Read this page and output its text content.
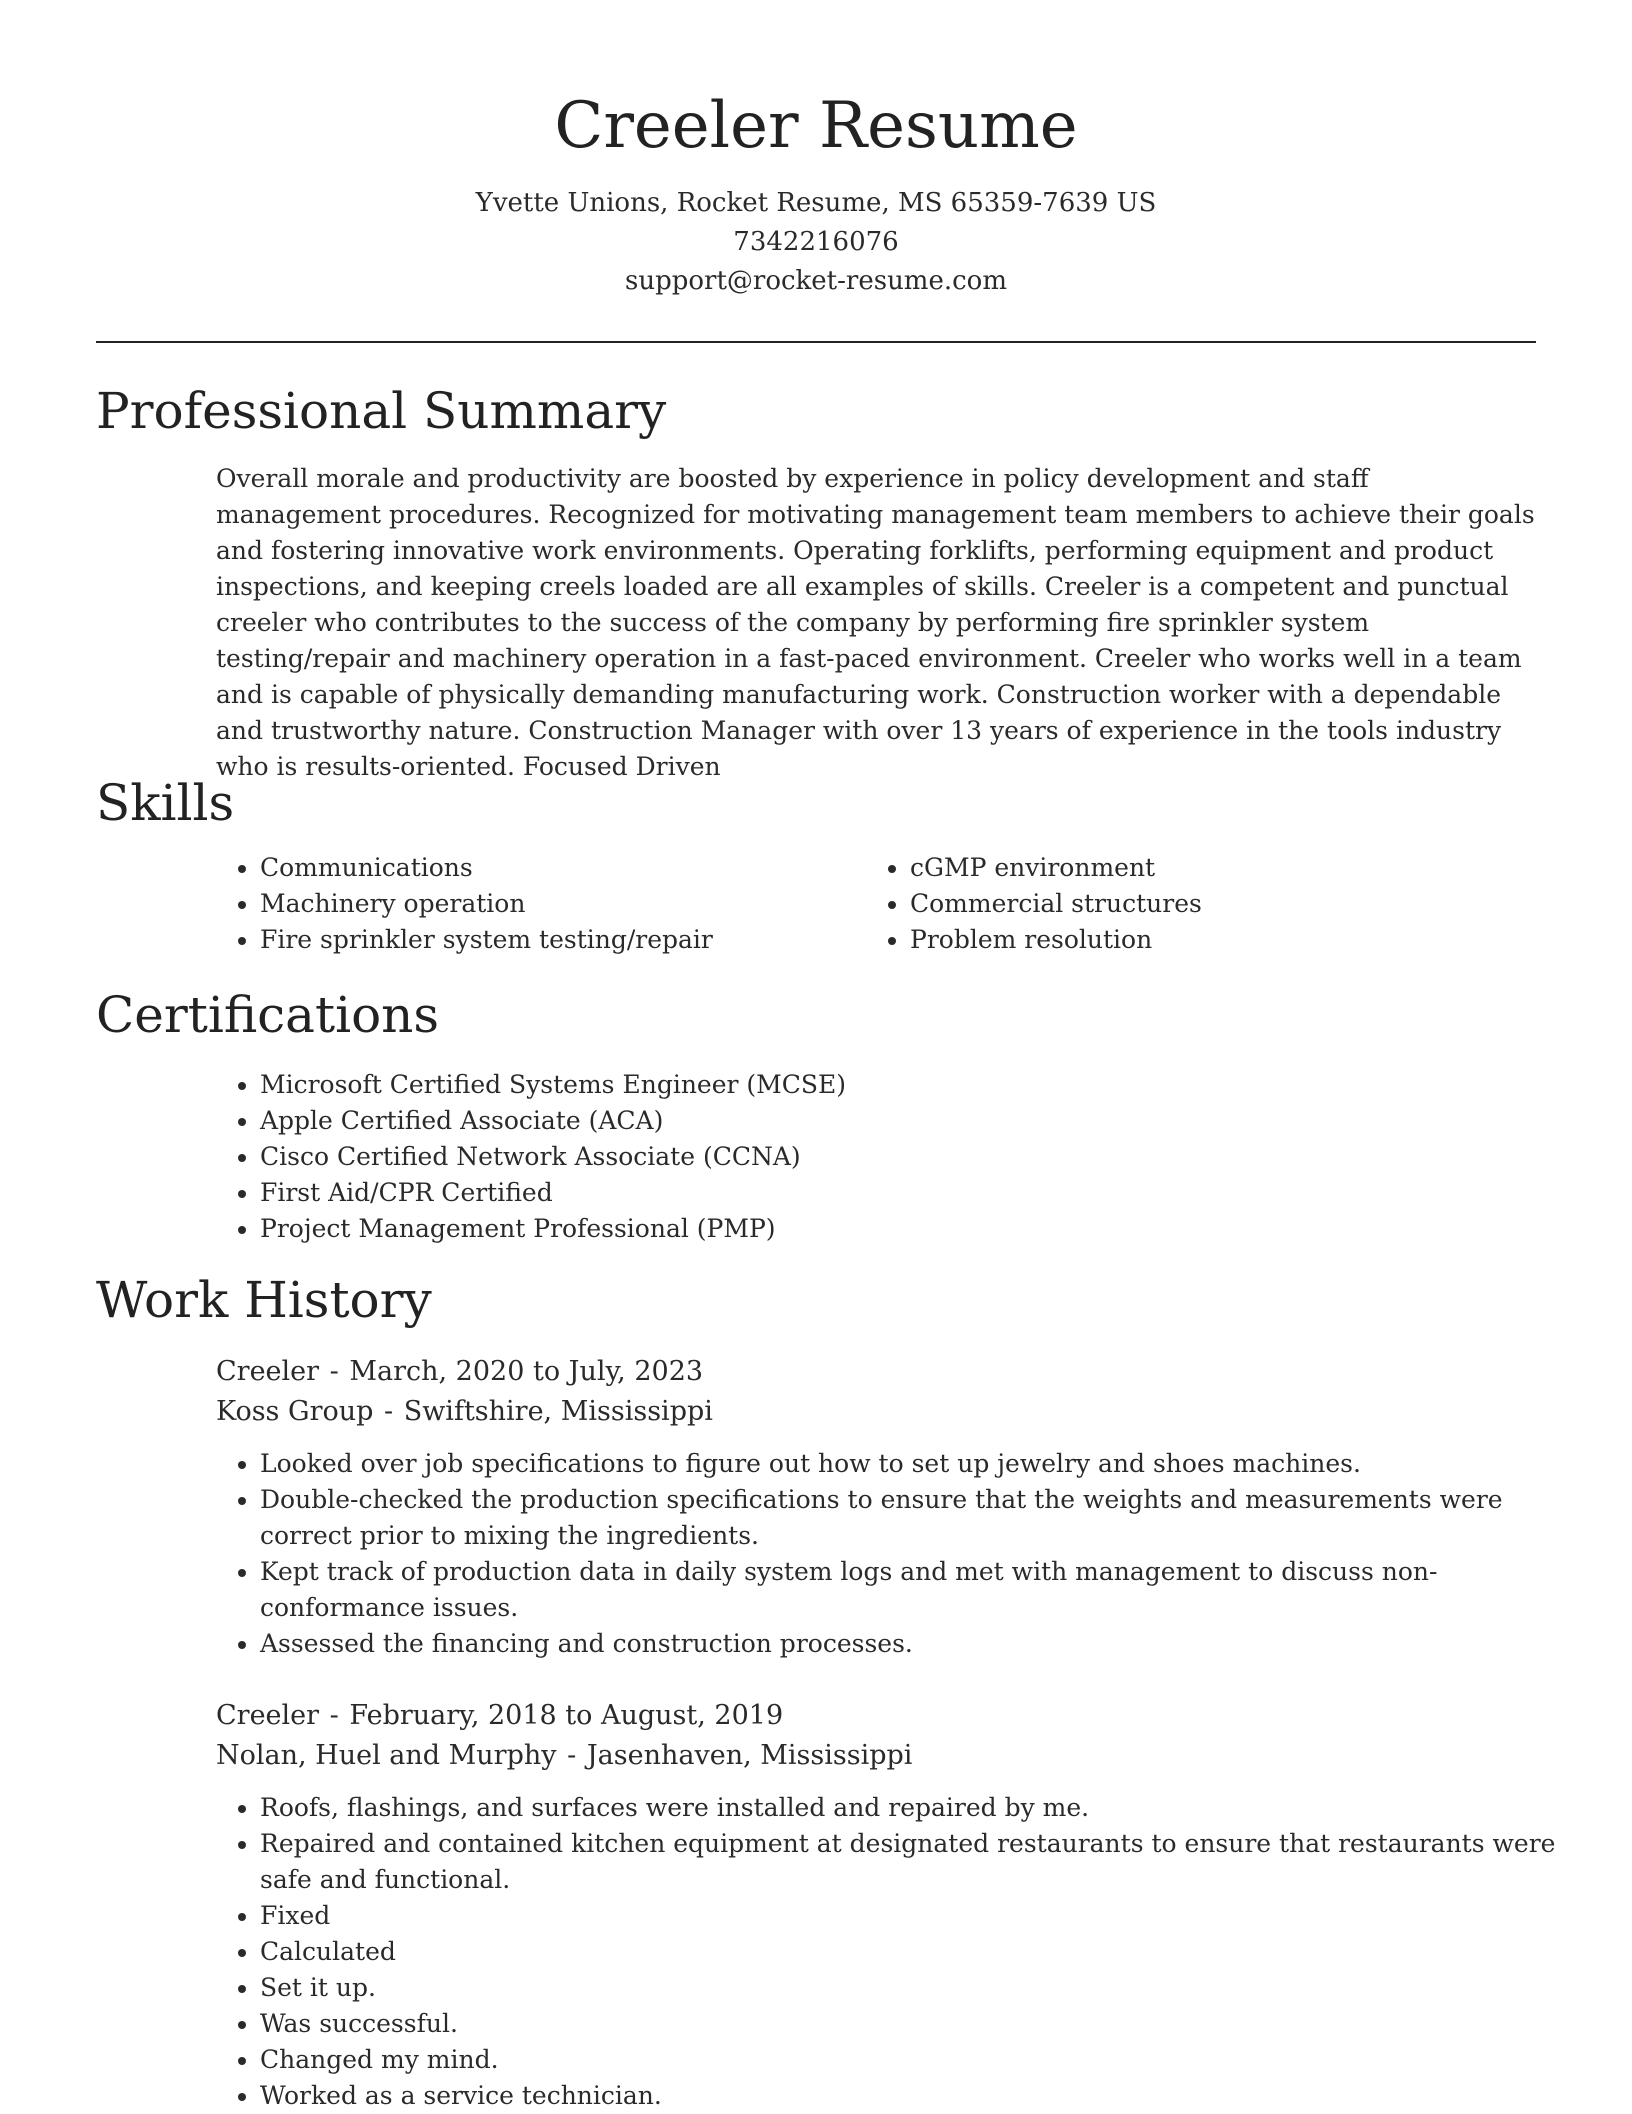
Creeler Resume
Yvette Unions, Rocket Resume, MS 65359-7639 US
7342216076
support@rocket-resume.com
Professional Summary

Overall morale and productivity are boosted by experience in policy development and staff management procedures. Recognized for motivating management team members to achieve their goals and fostering innovative work environments. Operating forklifts, performing equipment and product inspections, and keeping creels loaded are all examples of skills. Creeler is a competent and punctual creeler who contributes to the success of the company by performing fire sprinkler system testing/repair and machinery operation in a fast-paced environment. Creeler who works well in a team and is capable of physically demanding manufacturing work. Construction worker with a dependable and trustworthy nature. Construction Manager with over 13 years of experience in the tools industry who is results-oriented. Focused Driven

Skills
• Communications
• Machinery operation
• Fire sprinkler system testing/repair
• cGMP environment
• Commercial structures
• Problem resolution
Certifications
• Microsoft Certified Systems Engineer (MCSE)
• Apple Certified Associate (ACA)
• Cisco Certified Network Associate (CCNA)
• First Aid/CPR Certified
• Project Management Professional (PMP)
Work History
Creeler - March, 2020 to July, 2023
Koss Group - Swiftshire, Mississippi
• Looked over job specifications to figure out how to set up jewelry and shoes machines.
• Double-checked the production specifications to ensure that the weights and measurements were correct prior to mixing the ingredients.
• Kept track of production data in daily system logs and met with management to discuss non-conformance issues.
• Assessed the financing and construction processes.
Creeler - February, 2018 to August, 2019
Nolan, Huel and Murphy - Jasenhaven, Mississippi
• Roofs, flashings, and surfaces were installed and repaired by me.
• Repaired and contained kitchen equipment at designated restaurants to ensure that restaurants were safe and functional.
• Fixed
• Calculated
• Set it up.
• Was successful.
• Changed my mind.
• Worked as a service technician.
